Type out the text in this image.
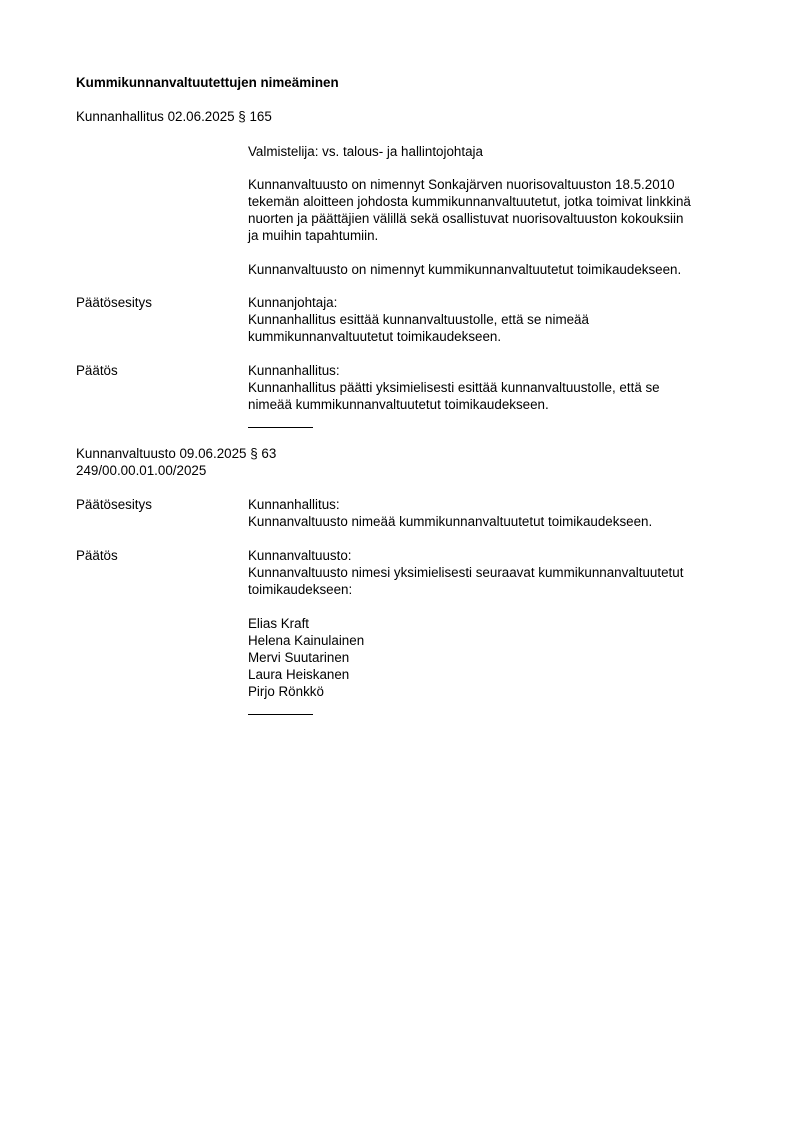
Kummikunnanvaltuutettujen nimeäminen
Kunnanhallitus 02.06.2025 § 165
Valmistelija: vs. talous- ja hallintojohtaja
Kunnanvaltuusto on nimennyt Sonkajärven nuorisovaltuuston 18.5.2010
tekemän aloitteen johdosta kummikunnanvaltuutetut, jotka toimivat linkkinä
nuorten ja päättäjien välillä sekä osallistuvat nuorisovaltuuston kokouksiin
ja muihin tapahtumiin.
Kunnanvaltuusto on nimennyt kummikunnanvaltuutetut toimikaudekseen.
Päätösesitys	Kunnanjohtaja:
Kunnanhallitus esittää kunnanvaltuustolle, että se nimeää
kummikunnanvaltuutetut toimikaudekseen.
Päätös	Kunnanhallitus:
Kunnanhallitus päätti yksimielisesti esittää kunnanvaltuustolle, että se
nimeää kummikunnanvaltuutetut toimikaudekseen.
Kunnanvaltuusto 09.06.2025 § 63
249/00.00.01.00/2025
Päätösesitys	Kunnanhallitus:
Kunnanvaltuusto nimeää kummikunnanvaltuutetut toimikaudekseen.
Päätös	Kunnanvaltuusto:
Kunnanvaltuusto nimesi yksimielisesti seuraavat kummikunnanvaltuutetut
toimikaudekseen:
Elias Kraft
Helena Kainulainen
Mervi Suutarinen
Laura Heiskanen
Pirjo Rönkkö
